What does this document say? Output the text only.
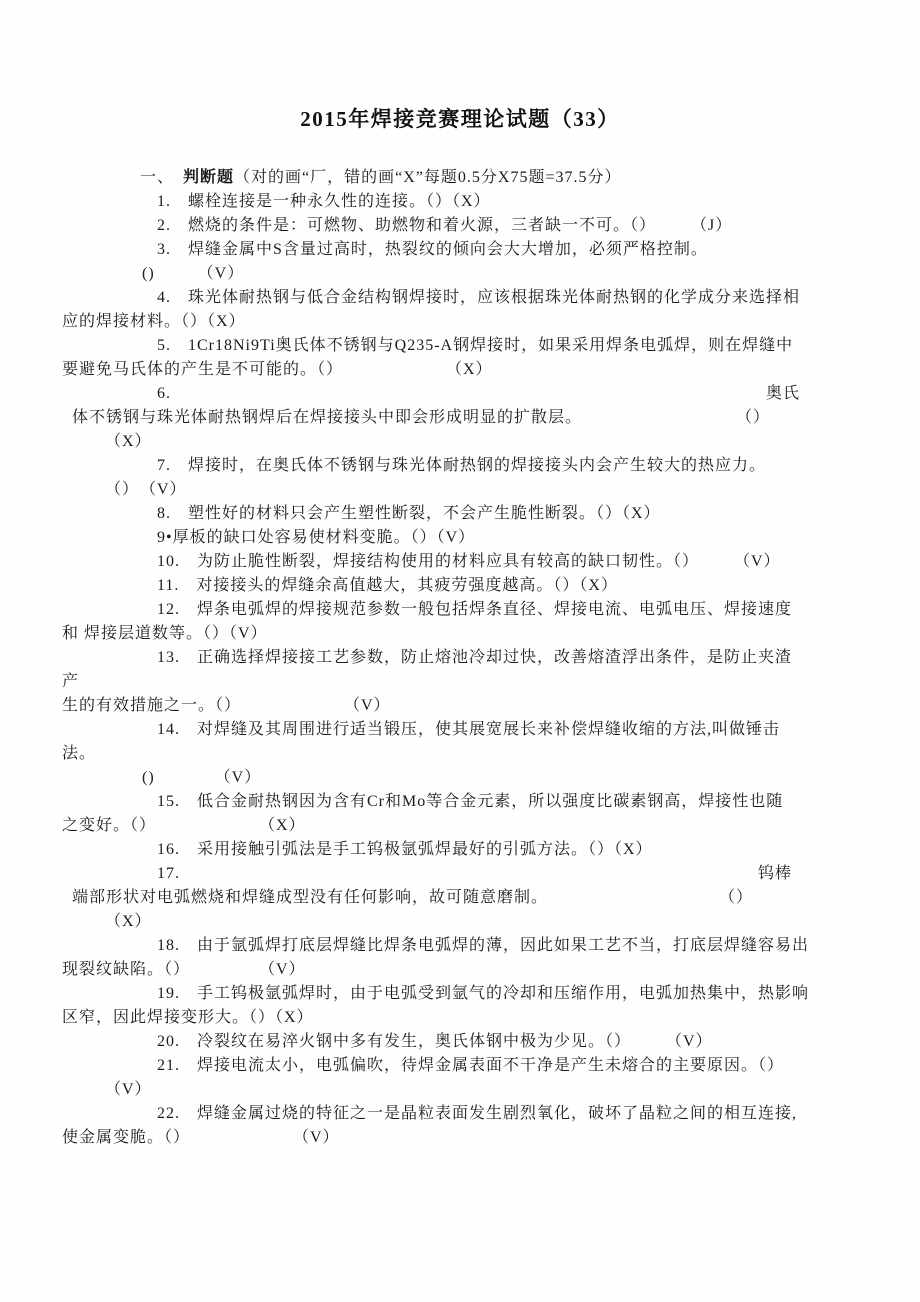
2015年焊接竞赛理论试题（33）
一、　判断题（对的画“厂，错的画“X”每题0.5分X75题=37.5分）
1.　螺栓连接是一种永久性的连接。（）（X）
2.　燃烧的条件是：可燃物、助燃物和着火源，三者缺一不可。（）　　　（J）
3.　焊缝金属中S含量过高时，热裂纹的倾向会大大增加，必须严格控制。
()　　　（V）
4.　珠光体耐热钢与低合金结构钢焊接时，应该根据珠光体耐热钢的化学成分来选择相
应的焊接材料。（）（X）
5.　1Cr18Ni9Ti奥氏体不锈钢与Q235-A钢焊接时，如果采用焊条电弧焊，则在焊缝中
要避免马氏体的产生是不可能的。（）　　　　　　　（X）
6.　　　　　　　　　　　　　　　　　　　　　　　　　　　　　　　　　　　奥氏
体不锈钢与珠光体耐热钢焊后在焊接接头中即会形成明显的扩散层。　　　　　　　　　　（）
（X）
7.　焊接时，在奥氏体不锈钢与珠光体耐热钢的焊接接头内会产生较大的热应力。
（）　（V）
8.　塑性好的材料只会产生塑性断裂，不会产生脆性断裂。（）（X）
9•厚板的缺口处容易使材料变脆。（）（V）
10.　为防止脆性断裂，焊接结构使用的材料应具有较高的缺口韧性。（）　　　（V）
11.　对接接头的焊缝余高值越大，其疲劳强度越高。（）（X）
12.　焊条电弧焊的焊接规范参数一般包括焊条直径、焊接电流、电弧电压、焊接速度
和 焊接层道数等。（）（V）
13.　正确选择焊接接工艺参数，防止熔池冷却过快，改善熔渣浮出条件，是防止夹渣
产
生的有效措施之一。（）　　　　　　　（V）
14.　对焊缝及其周围进行适当锻压，使其展宽展长来补偿焊缝收缩的方法,叫做锤击
法。
()　　　　（V）
15.　低合金耐热钢因为含有Cr和Mo等合金元素，所以强度比碳素钢高，焊接性也随
之变好。（）　　　　　　　（X）
16.　采用接触引弧法是手工钨极氩弧焊最好的引弧方法。（）（X）
17.　　　　　　　　　　　　　　　　　　　　　　　　　　　　　　　　　　钨棒
端部形状对电弧燃烧和焊缝成型没有任何影响，故可随意磨制。　　　　　　　　　　　（）
（X）
18.　由于氩弧焊打底层焊缝比焊条电弧焊的薄，因此如果工艺不当，打底层焊缝容易出
现裂纹缺陷。（）　　　　　（V）
19.　手工钨极氩弧焊时，由于电弧受到氩气的冷却和压缩作用，电弧加热集中，热影响
区窄，因此焊接变形大。（）（X）
20.　冷裂纹在易淬火钢中多有发生，奥氏体钢中极为少见。（）　　　（V）
21.　焊接电流太小，电弧偏吹，待焊金属表面不干净是产生未熔合的主要原因。（）
（V）
22.　焊缝金属过烧的特征之一是晶粒表面发生剧烈氧化，破坏了晶粒之间的相互连接,
使金属变脆。（）　　　　　　　（V）
